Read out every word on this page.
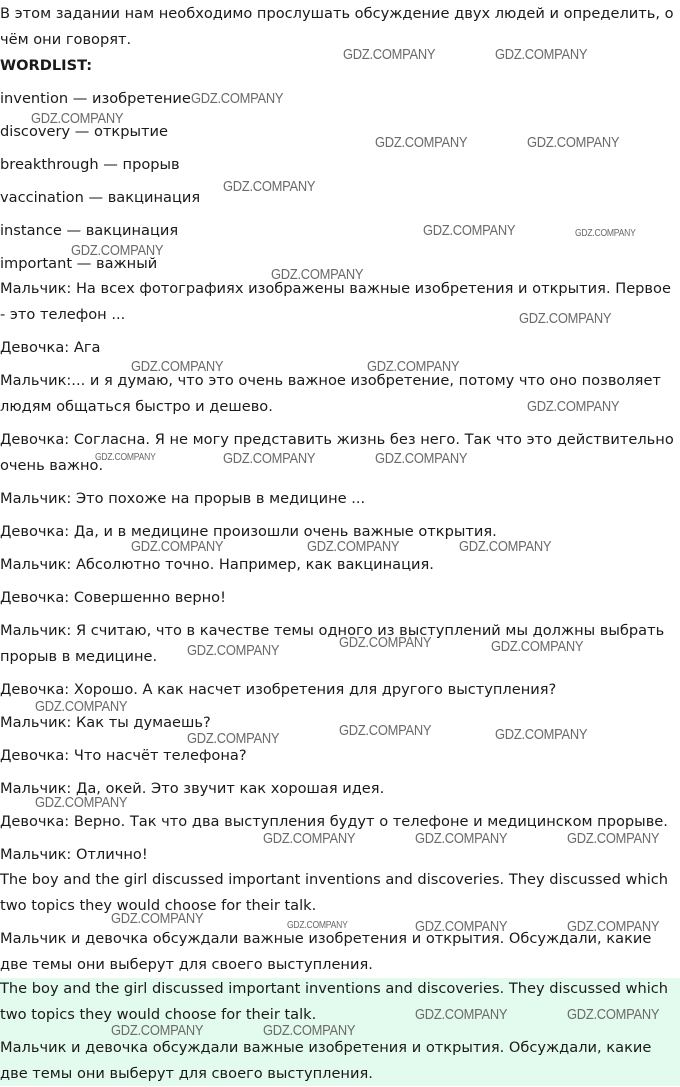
В этом задании нам необходимо прослушать обсуждение двух людей и определить, о чём они говорят.
WORDLIST:
invention — изобретение
discovery — открытие
breakthrough — прорыв
vaccination — вакцинация
instance — вакцинация
important — важный
Мальчик: На всех фотографиях изображены важные изобретения и открытия. Первое - это телефон ...
Девочка: Ага
Мальчик:... и я думаю, что это очень важное изобретение, потому что оно позволяет людям общаться быстро и дешево.
Девочка: Согласна. Я не могу представить жизнь без него. Так что это действительно очень важно.
Мальчик: Это похоже на прорыв в медицине ...
Девочка: Да, и в медицине произошли очень важные открытия.
Мальчик: Абсолютно точно. Например, как вакцинация.
Девочка: Совершенно верно!
Мальчик: Я считаю, что в качестве темы одного из выступлений мы должны выбрать прорыв в медицине.
Девочка: Хорошо. А как насчет изобретения для другого выступления?
Мальчик: Как ты думаешь?
Девочка: Что насчёт телефона?
Мальчик: Да, окей. Это звучит как хорошая идея.
Девочка: Верно. Так что два выступления будут о телефоне и медицинском прорыве.
Мальчик: Отлично!
The boy and the girl discussed important inventions and discoveries. They discussed which two topics they would choose for their talk.
Мальчик и девочка обсуждали важные изобретения и открытия. Обсуждали, какие две темы они выберут для своего выступления.
The boy and the girl discussed important inventions and discoveries. They discussed which two topics they would choose for their talk.
Мальчик и девочка обсуждали важные изобретения и открытия. Обсуждали, какие две темы они выберут для своего выступления.
GDZ.COMPANY	GDZ.COMPANY
GDZ.COMPANY
GDZ.COMPANY
GDZ.COMPANY	GDZ.COMPANY
GDZ.COMPANY
GDZ.COMPANY	GDZ.COMPANY
GDZ.COMPANY
GDZ.COMPANY
GDZ.COMPANY
GDZ.COMPANY	GDZ.COMPANY
GDZ.COMPANY
GDZ.COMPANY	GDZ.COMPANY	GDZ.COMPANY
GDZ.COMPANY	GDZ.COMPANY	GDZ.COMPANY
GDZ.COMPANY
GDZ.COMPANY	GDZ.COMPANY
GDZ.COMPANY
GDZ.COMPANY
GDZ.COMPANY	GDZ.COMPANY
GDZ.COMPANY
GDZ.COMPANY	GDZ.COMPANY	GDZ.COMPANY
GDZ.COMPANY	GDZ.COMPANY	GDZ.COMPANY	GDZ.COMPANY
GDZ.COMPANY	GDZ.COMPANY
GDZ.COMPANY	GDZ.COMPANY
